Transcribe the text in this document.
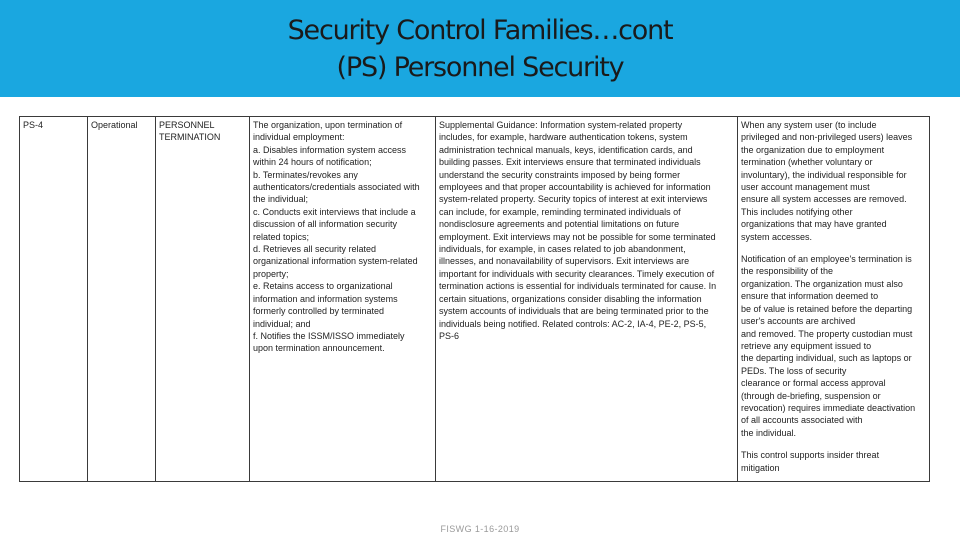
Security Control Families…cont
(PS) Personnel Security
PS-4	Operational	PERSONNEL
TERMINATION
The organization, upon termination of
individual employment:
a. Disables information system access
within 24 hours of notification;
b. Terminates/revokes any
authenticators/credentials associated with
the individual;
c. Conducts exit interviews that include a
discussion of all information security
related topics;
d. Retrieves all security related
organizational information system-related
property;
e. Retains access to organizational
information and information systems
formerly controlled by terminated
individual; and
f. Notifies the ISSM/ISSO immediately
upon termination announcement.
Supplemental Guidance: Information system-related property
includes, for example, hardware authentication tokens, system
administration technical manuals, keys, identification cards, and
building passes. Exit interviews ensure that terminated individuals
understand the security constraints imposed by being former
employees and that proper accountability is achieved for information
system-related property. Security topics of interest at exit interviews
can include, for example, reminding terminated individuals of
nondisclosure agreements and potential limitations on future
employment. Exit interviews may not be possible for some terminated
individuals, for example, in cases related to job abandonment,
illnesses, and nonavailability of supervisors. Exit interviews are
important for individuals with security clearances. Timely execution of
termination actions is essential for individuals terminated for cause. In
certain situations, organizations consider disabling the information
system accounts of individuals that are being terminated prior to the
individuals being notified. Related controls: AC-2, IA-4, PE-2, PS-5,
PS-6
When any system user (to include
privileged and non-privileged users) leaves
the organization due to employment
termination (whether voluntary or
involuntary), the individual responsible for
user account management must
ensure all system accesses are removed.
This includes notifying other
organizations that may have granted
system accesses.
Notification of an employee's termination is
the responsibility of the
organization. The organization must also
ensure that information deemed to
be of value is retained before the departing
user's accounts are archived
and removed. The property custodian must
retrieve any equipment issued to
the departing individual, such as laptops or
PEDs. The loss of security
clearance or formal access approval
(through de-briefing, suspension or
revocation) requires immediate deactivation
of all accounts associated with
the individual.
This control supports insider threat
mitigation
FISWG 1-16-2019
